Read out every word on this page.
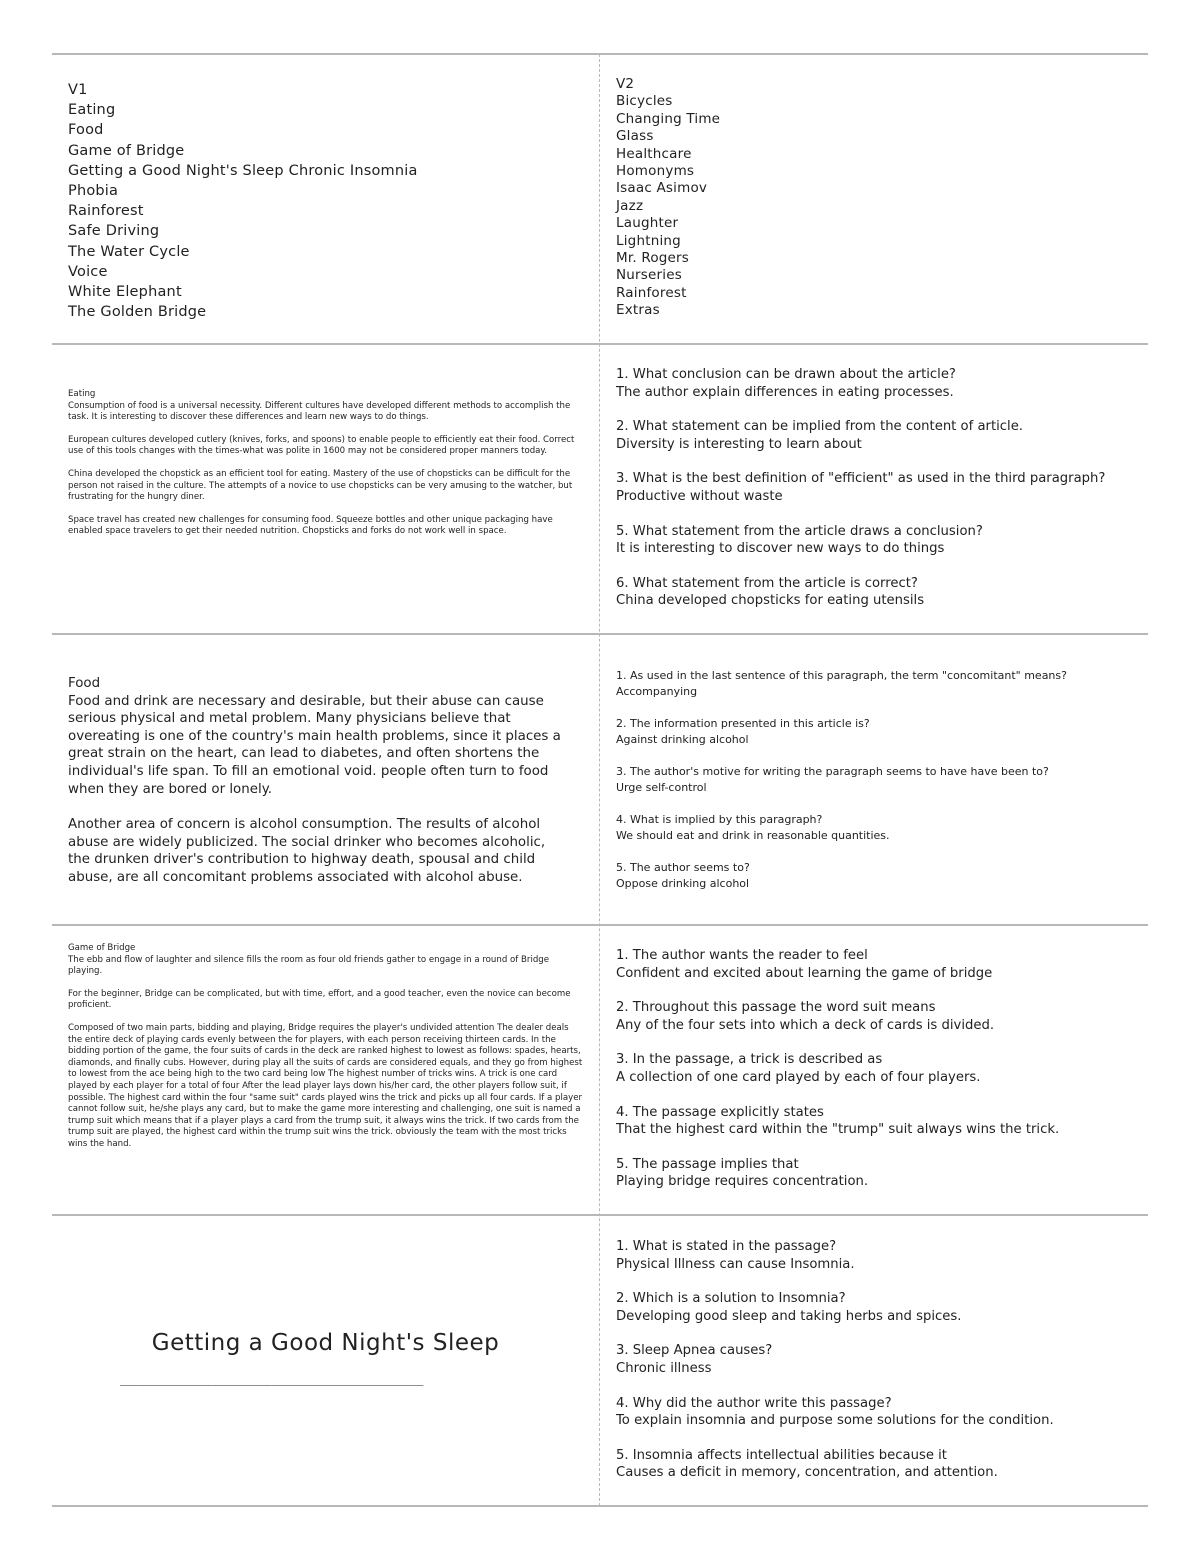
V1
Eating
Food
Game of Bridge
Getting a Good Night's Sleep Chronic Insomnia
Phobia
Rainforest
Safe Driving
The Water Cycle
Voice
White Elephant
The Golden Bridge
V2
Bicycles
Changing Time
Glass
Healthcare
Homonyms
Isaac Asimov
Jazz
Laughter
Lightning
Mr. Rogers
Nurseries
Rainforest
Extras
Eating

Consumption of food is a universal necessity. Different cultures have developed different methods to accomplish the task. It is interesting to discover these differences and learn new ways to do things.

European cultures developed cutlery (knives, forks, and spoons) to enable people to efficiently eat their food. Correct use of this tools changes with the times-what was polite in 1600 may not be considered proper manners today.

China developed the chopstick as an efficient tool for eating. Mastery of the use of chopsticks can be difficult for the person not raised in the culture. The attempts of a novice to use chopsticks can be very amusing to the watcher, but frustrating for the hungry diner.

Space travel has created new challenges for consuming food. Squeeze bottles and other unique packaging have enabled space travelers to get their needed nutrition. Chopsticks and forks do not work well in space.

1. What conclusion can be drawn about the article?
The author explain differences in eating processes.
2. What statement can be implied from the content of article.
Diversity is interesting to learn about
3. What is the best definition of "efficient" as used in the third paragraph?
Productive without waste
5. What statement from the article draws a conclusion?
It is interesting to discover new ways to do things
6. What statement from the article is correct?
China developed chopsticks for eating utensils
Food

Food and drink are necessary and desirable, but their abuse can cause serious physical and metal problem. Many physicians believe that overeating is one of the country's main health problems, since it places a great strain on the heart, can lead to diabetes, and often shortens the individual's life span. To fill an emotional void. people often turn to food when they are bored or lonely.

Another area of concern is alcohol consumption. The results of alcohol abuse are widely publicized. The social drinker who becomes alcoholic, the drunken driver's contribution to highway death, spousal and child abuse, are all concomitant problems associated with alcohol abuse.

1. As used in the last sentence of this paragraph, the term "concomitant" means?
Accompanying
2. The information presented in this article is?
Against drinking alcohol
3. The author's motive for writing the paragraph seems to have have been to?
Urge self-control
4. What is implied by this paragraph?
We should eat and drink in reasonable quantities.
5. The author seems to?
Oppose drinking alcohol
Game of Bridge

The ebb and flow of laughter and silence fills the room as four old friends gather to engage in a round of Bridge playing.

For the beginner, Bridge can be complicated, but with time, effort, and a good teacher, even the novice can become proficient.

Composed of two main parts, bidding and playing, Bridge requires the player's undivided attention The dealer deals the entire deck of playing cards evenly between the for players, with each person receiving thirteen cards. In the bidding portion of the game, the four suits of cards in the deck are ranked highest to lowest as follows: spades, hearts, diamonds, and finally cubs. However, during play all the suits of cards are considered equals, and they go from highest to lowest from the ace being high to the two card being low The highest number of tricks wins. A trick is one card played by each player for a total of four After the lead player lays down his/her card, the other players follow suit, if possible. The highest card within the four "same suit" cards played wins the trick and picks up all four cards. If a player cannot follow suit, he/she plays any card, but to make the game more interesting and challenging, one suit is named a trump suit which means that if a player plays a card from the trump suit, it always wins the trick. If two cards from the trump suit are played, the highest card within the trump suit wins the trick. obviously the team with the most tricks wins the hand.

1. The author wants the reader to feel
Confident and excited about learning the game of bridge
2. Throughout this passage the word suit means
Any of the four sets into which a deck of cards is divided.
3. In the passage, a trick is described as
A collection of one card played by each of four players.
4. The passage explicitly states
That the highest card within the "trump" suit always wins the trick.
5. The passage implies that
Playing bridge requires concentration.
Getting a Good Night's Sleep
____________________________________
1. What is stated in the passage?
Physical Illness can cause Insomnia.
2. Which is a solution to Insomnia?
Developing good sleep and taking herbs and spices.
3. Sleep Apnea causes?
Chronic illness
4. Why did the author write this passage?
To explain insomnia and purpose some solutions for the condition.
5. Insomnia affects intellectual abilities because it
Causes a deficit in memory, concentration, and attention.
